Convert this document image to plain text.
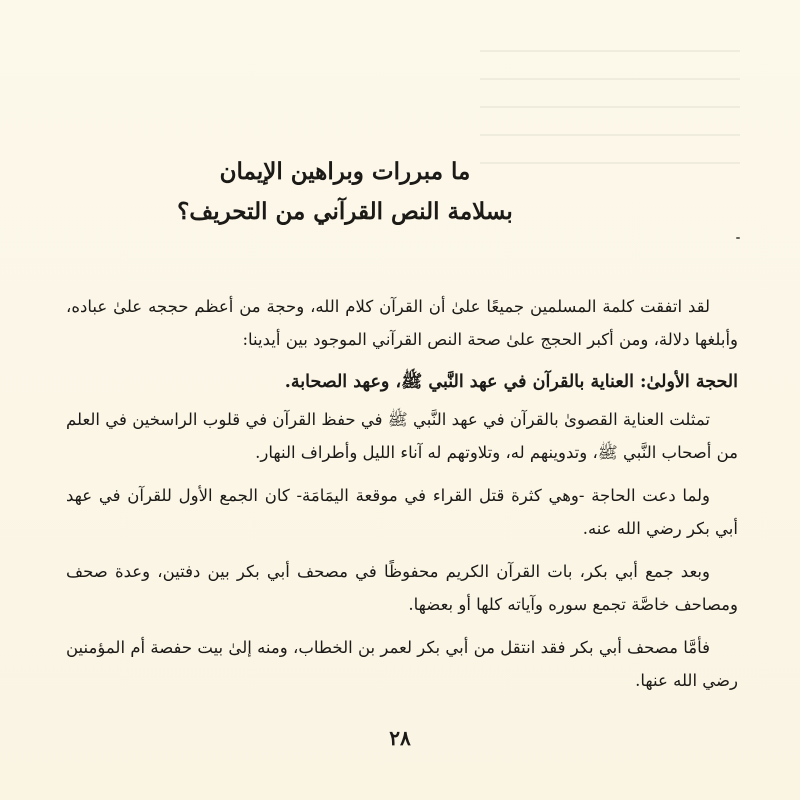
ما مبررات وبراهين الإيمان
بسلامة النص القرآني من التحريف؟

لقد اتفقت كلمة المسلمين جميعًا علىٰ أن القرآن كلام الله، وحجة من أعظم حججه علىٰ عباده، وأبلغها دلالة، ومن أكبر الحجج علىٰ صحة النص القرآني الموجود بين أيدينا:

الحجة الأولىٰ: العناية بالقرآن في عهد النَّبي ﷺ، وعهد الصحابة.

تمثلت العناية القصوىٰ بالقرآن في عهد النَّبي ﷺ في حفظ القرآن في قلوب الراسخين في العلم من أصحاب النَّبي ﷺ، وتدوينهم له، وتلاوتهم له آناء الليل وأطراف النهار.

ولما دعت الحاجة -وهي كثرة قتل القراء في موقعة اليمَامَة- كان الجمع الأول للقرآن في عهد أبي بكر رضي الله عنه.

وبعد جمع أبي بكر، بات القرآن الكريم محفوظًا في مصحف أبي بكر بين دفتين، وعدة صحف ومصاحف خاصَّة تجمع سوره وآياته كلها أو بعضها.

فأمَّا مصحف أبي بكر فقد انتقل من أبي بكر لعمر بن الخطاب، ومنه إلىٰ بيت حفصة أم المؤمنين رضي الله عنها.

٢٨
